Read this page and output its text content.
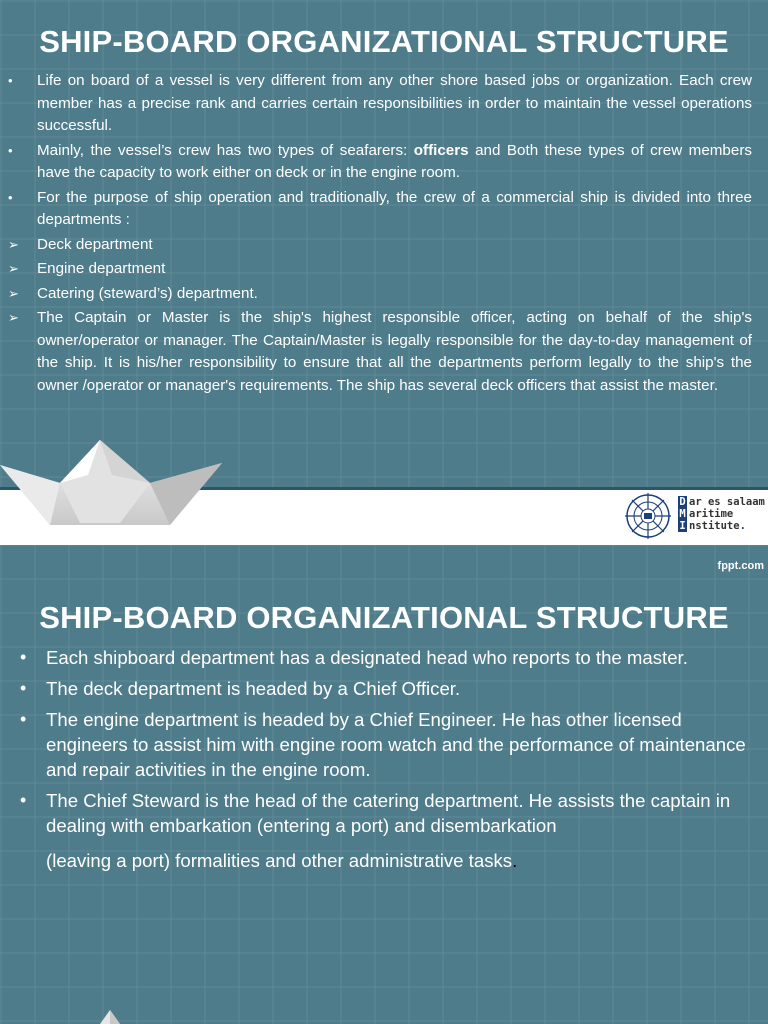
SHIP-BOARD ORGANIZATIONAL STRUCTURE
• Life on board of a vessel is very different from any other shore based jobs or organization. Each crew member has a precise rank and carries certain responsibilities in order to maintain the vessel operations successful.
• Mainly, the vessel’s crew has two types of seafarers: officers and Both these types of crew members have the capacity to work either on deck or in the engine room.
• For the purpose of ship operation and traditionally, the crew of a commercial ship is divided into three departments :
➢ Deck department
➢ Engine department
➢ Catering (steward’s) department.
➢ The Captain or Master is the ship's highest responsible officer, acting on behalf of the ship's owner/operator or manager. The Captain/Master is legally responsible for the day-to-day management of the ship. It is his/her responsibility to ensure that all the departments perform legally to the ship's the owner /operator or manager's requirements. The ship has several deck officers that assist the master.
D ar es salaam
M aritime
I nstitute.
fppt.com
SHIP-BOARD ORGANIZATIONAL STRUCTURE
• Each shipboard department has a designated head who reports to the master.
• The deck department is headed by a Chief Officer.
• The engine department is headed by a Chief Engineer. He has other licensed engineers to assist him with engine room watch and the performance of maintenance and repair activities in the engine room.
• The Chief Steward is the head of the catering department. He assists the captain in dealing with embarkation (entering a port) and disembarkation
(leaving a port) formalities and other administrative tasks.
